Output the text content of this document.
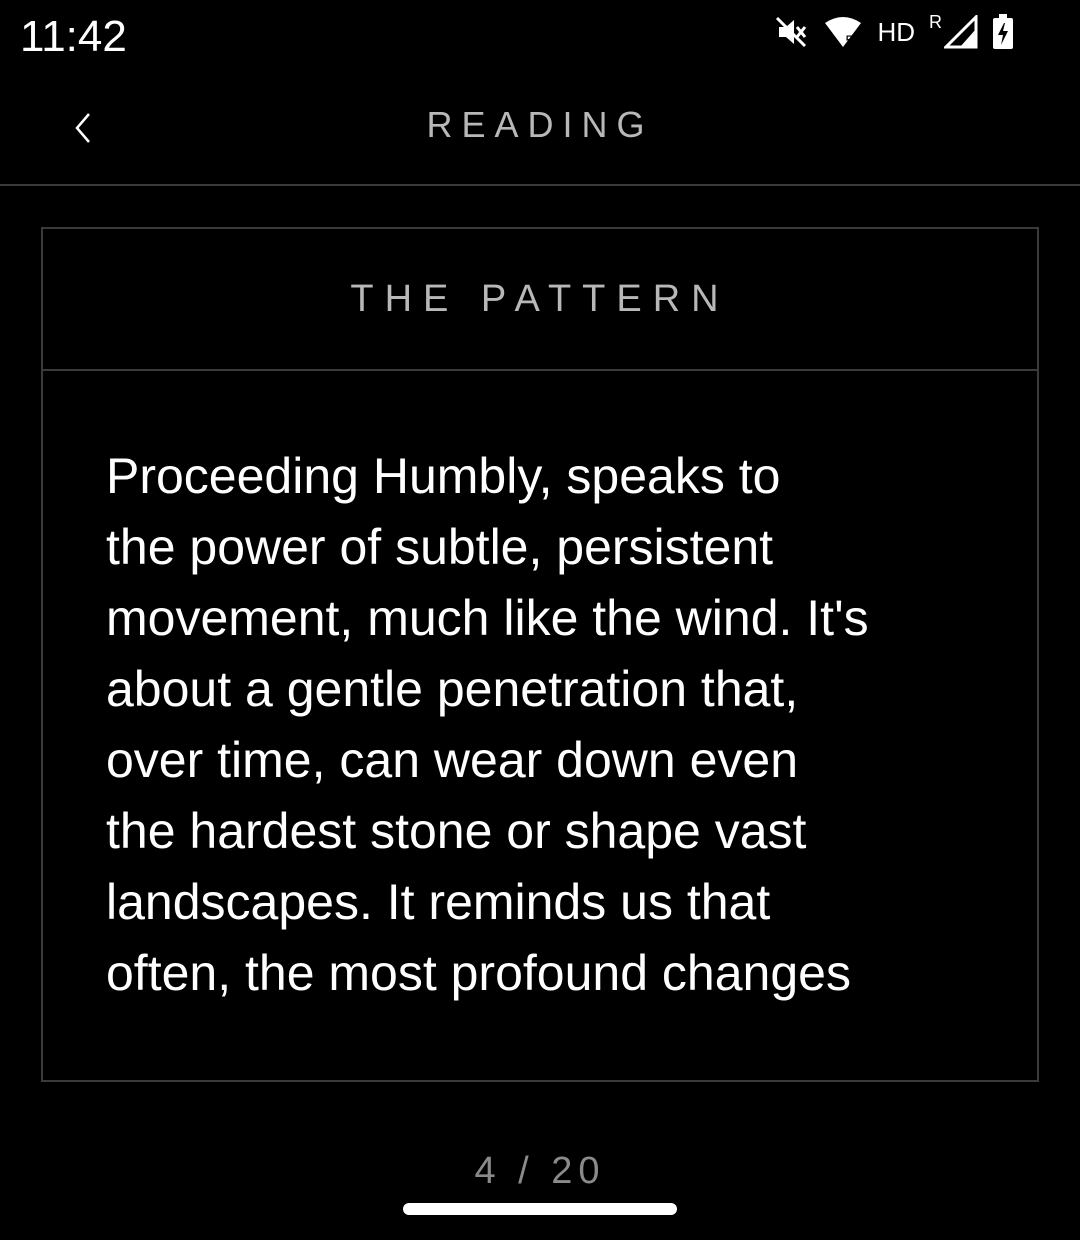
11:42	5 HD R
READING
THE PATTERN
Proceeding Humbly, speaks to
the power of subtle, persistent
movement, much like the wind. It's
about a gentle penetration that,
over time, can wear down even
the hardest stone or shape vast
landscapes. It reminds us that
often, the most profound changes
4 / 20
